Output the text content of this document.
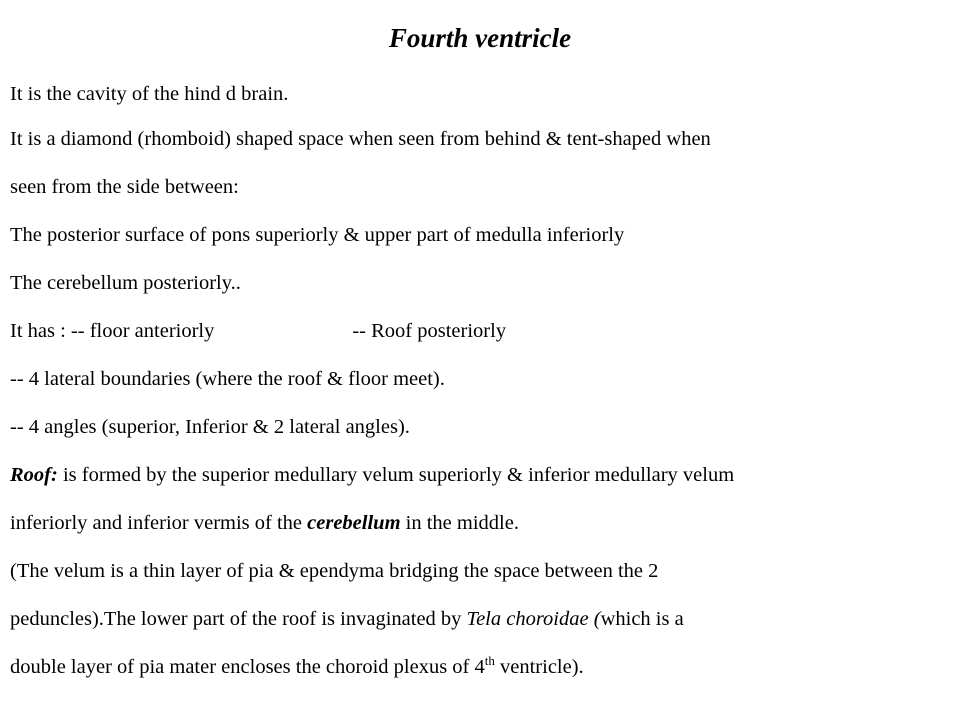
Fourth ventricle
It is the cavity of the hind d brain.
It is a diamond (rhomboid) shaped space when seen from behind & tent-shaped when
seen from the side between:
The posterior surface of pons superiorly & upper part of medulla inferiorly
The cerebellum posteriorly..
It has : -- floor anteriorly	-- Roof posteriorly
-- 4 lateral boundaries (where the roof & floor meet).
-- 4 angles (superior, Inferior & 2 lateral angles).
Roof: is formed by the superior medullary velum superiorly & inferior medullary velum
inferiorly and inferior vermis of the cerebellum in the middle.
(The velum is a thin layer of pia & ependyma bridging the space between the 2
peduncles).The lower part of the roof is invaginated by Tela choroidae (which is a
double layer of pia mater encloses the choroid plexus of 4th ventricle).
